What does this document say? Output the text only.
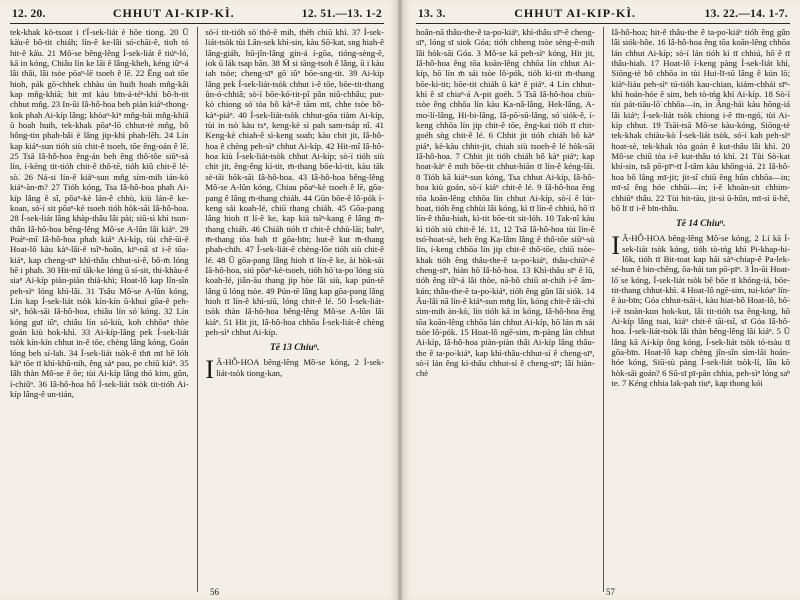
12. 20.	CHHUT AI-KIP-KÌ.	12. 51.—13. 1-2

tek-khak kò-tsoat i t'Í-sek-liát è hōe tiong. 20 Ū kà̍u-ê bô-tit chiáh; lín-ê ke-lâi só͘-chāi-ê, tio̍h tó hit-ê kà̍u. 21 Mô͘-se bêng-lêng Í-sek-liát ê tiúⁿ-ló, kā in kóng, Chiâu lín ke lāi ê lâng-kheh, kéng iûⁿ-á lâi thâi, lâi tsòe pōaⁿ-lē tsoeh ê lē. 22 Ēng oa̍t tōe hioh, pák gō͘-chhek chhàu ún huih hoah mn̂g-kâi kap mn̂g-khiā; hit mī kàu bīn-á-téⁿ-khì bô-h-tit chhut mn̂g. 23 In-ūi Iâ-hô-hoa beh piàn kiáⁿ-thong-kok phah Ai-kíp lâng; khòaⁿ-kìⁿ mn̂g-bái mn̂g-khiā ū hoah huih, tek-khak pōaⁿ-lō chhut-tè mn̂g, bô hông-tin phah-bâi è lâng jip-khì phah-lēh. 24 Lín kap kiáⁿ-sun tióh siù chit-ê tsoeh, tōe êng-oán ê lē. 25 Tsā Iâ-hô-hoa êng-án beh êng thô͘-tôe siūⁿ-sà lín, í-kèng tit-tióh chit-ê thô͘-tē, tióh kiû chit-ê lé-sò͘. 26 Ná-si lín-ê kiáⁿ-sun mn̂g sím-mih ián-kò͘ kiáⁿ-àn-m̄? 27 Tióh kóng, Tsa Iâ-hô-hoa phah Ai-kíp lâng ê sî, pōaⁿ-kè lán-ê chhù, kiù lán-ê ke-koan, só͘-í sit pōaⁿ-kè tsoeh tióh hòk-sāi Iâ-hô-hoa. 28 Í-sek-liát lâng khàp-thâu lâi pài; siū-sì khì tsun-thân Iâ-hô-hoa bêng-lêng Mô͘-se A-lûn lâi kiáⁿ. 29 Poáⁿ-mî Iâ-hô-hoa phah kiáⁿ Ai-kíp, tùi chē-ūi-ê Hoat-lô kàu kàⁿ-lâi-ê tsîⁿ-hoân, kiⁿ-nâ sī i-ê tōa-kiáⁿ, kap cheng-sīⁿ khì-thâu chhut-sí-ê, bô-m̄ lóng hē i phah. 30 Hit-mî tāk-ke lóng ū sí-sit, thi-khàu-ê siaⁿ Ai-kíp piàn-piàn thià-khì; Hoat-lô kap lîn-sîn peh-sìⁿ lóng khì-lâi. 31 Tsâu Mô͘-se A-lûn kóng, Lín kap Í-sek-liát tsòk kín-kín ū-khui gōa-ê peh-sìⁿ, hók-sāi Iâ-hô-hoa, chiâu lín só͘ kóng. 32 Lín kóng guī iûⁿ, chiâu lín só͘-kiù, koh chhōaⁿ thòe goán kiù hok-khì. 33 Ai-kíp-lâng pek Í-sek-liát tsòk kín-kín chhut in-ê tōe, chèng lâng kóng, Goán lóng beh sí-lah. 34 Í-sek-liát tsòk-ê thn̄ mī bē lóh kàⁿ tōe tī khì-khû-nih, êng sàⁿ pau, pe chiū kiáⁿ. 35 Iâh thàn Mô͘-se ê ōe; tùi Ai-kíp lâng thó kim, gûn, í-chiûⁿ. 36 Iâ-hô-hoa hō͘ Í-sek-liát tsòk tit-tióh Ai-kíp lâng-ê un-tián,

só͘-í tit-tióh só͘ thó-ê mih, thèh chiū khì. 37 Í-sek-liát-tsòk tùi Lân-sek khì-sin, kàu Sō͘-kat, sng hiah-ê lâng-giáh, hū-jîn-lâng gín-á í-gōa, tióng-sèng-ê, iok ū lák tsap bān. 38 M̄ si tāng-tsoh ê lâng, ū i kàu iah tsòe; cheng-sīⁿ gō͘ iûⁿ bōe-sng-tit. 39 Ai-kíp lâng pek Í-sek-liát-tsòk chhut i-ê tōe, bōe-tit-thang ûn-ó-chhiâ; sò͘-í bōe-kó͘-tit-pî pân niû-chhâu; put-kò chiong só͘ tòa bô kàⁿ-ê tām mī, chhe tsòe bô-kàⁿ-piáⁿ. 40 Í-sek-liát-tsòk chhut-gōa tiàm Ai-kíp, tùi in tsò͘ kàu tsⁿ, keng-kè sì pah sam-tsáp nî. 41 Keng-kè chiah-ê sì-keng soah; kàu chit jit, Iâ-hô-hoa ê chèng peh-sìⁿ chhut Ai-kíp. 42 Hit-mî Iâ-hô-hoa kiù Í-sek-liát-tsòk chhut Ai-kíp; sò͘-í tióh siù chit jit, êng-êng kì-tit, m̄-thang bōe-kì-tit, kàu tāk sè-tāi hōk-sāi Iâ-hô-hoa. 43 Iâ-hô-hoa bêng-lêng Mô͘-se A-lûn kóng, Chiau pōaⁿ-kè tsoeh ê lē, gōa-pang ê lâng m̄-thang chiáh. 44 Gūn bōe-ê lô͘-pók í-keng sái koah-lé, chiū thang chiáh. 45 Gōa-pang lâng hioh tī lí-ê ke, kap kià tsìⁿ-kang ê lâng m̄-thang chiáh. 46 Chiáh tióh tī chit-ê chhù-lāi; bahⁿ, m̄-thang tòa bah tī gōa-bīn; hut-ê kut m̄-thang phah-chih. 47 Í-sek-liát-ê chèng-lōe tióh siù chit-ê lé. 48 Ū gōa-pang lâng hioh tī lín-ê ke, ài hòk-sāi Iâ-hô-hoa, siú pōaⁿ-kè-tsoeh, tióh hō͘ ta-po͘ lóng siù koah-lé, jiân-āu thang jip hòe lâi siù, kap pún-tē lâng ū lóng tsòe. 49 Pún-tē lâng kap gōa-pang lâng hioh tī lín-ê khì-siū, lóng chit-ê lé. 50 Í-sek-liát-tsòk thàn Iâ-hô-hoa bêng-lêng Mô͘-se A-lûn lâi kiáⁿ. 51 Hit jit, Iâ-hô-hoa chhōa Í-sek-liát-ê chèng peh-sìⁿ chhut Ai-kíp.

Tē 13 Chiuⁿ.
I Â-HÔ-HOA bêng-lêng Mô͘-se kóng, 2 Í-sek-liát-tsòk tiong-kan,
13. 3.	CHHUT AI-KIP-KÌ.	13. 22.—14. 1-7.

hoân-nā thâu-the-ê ta-po͘-kiáⁿ, khì-thâu sīⁿ-ê cheng-sīⁿ, lóng sī siok Góa; tióh chheng tsòe sèng-ê-mih lâi hòk-sāi Góa. 3 Mô͘-se kā peh-sìⁿ kóng, Hit jit, Iâ-hô-hoa êng tōa koān-lêng chhōa lín chhut Ai-kíp, hō͘ lín m̄ sái tsòe lô͘-pók, tióh kì-tit m̄-thang bōe-kì-tit; bōe-tit chiáh ū kàⁿ ê piáⁿ. 4 Lín chhut-khì ê sī chiaⁿ-á A-pit goéh. 5 Tsā Iâ-hô-hoa chiù-tsòe êng chhōa lín kàu Ka-nâ-lâng, Hek-lâng, A-mo͘-lí-lâng, Hi-bi-lâng, Iâ-pō͘-sū-lâng, só͘ siók-ê, í-keng chhōa lín jip chit-ê tōe, êng-kai tióh tī chit-goéh sǹg chit-ê lé. 6 Chhit jit tióh chiáh bô kàⁿ piáⁿ, kè-kàu chhit-jit, chiah siù tsoeh-ê lé hòk-sāi Iâ-hô-hoa. 7 Chhit jit tióh chiáh bô kàⁿ piáⁿ; kap hoat-kàⁿ ê mih bōe-tit chhut-hiān tī lín-ê kéng-lāi. 8 Tióh kā kiáⁿ-sun kóng, Tsa chhut Ai-kíp, Iâ-hô-hoa kiù goán, sò͘-í kiáⁿ chit-ê lé. 9 Iâ-hô-hoa êng tōa koān-lêng chhōa lín chhut Ai-kíp, sò͘-í ē lút-hoat, tióh êng chhùi lâi kóng, kì tī lín-ê chhiú, hō͘ tī lín-ê thâu-hiah, kì-tit bōe-tit sit-lóh. 10 Tak-nî kàu kì tióh siù chit-ê lé. 11, 12 Tsā Iâ-hô-hoa tùi lín-ê tsó͘-hoat-sè, beh êng Ka-lâm lâng ê thô͘-tōe siūⁿ-sù lín, í-keng chhōa lín jip chit-ê thô͘-tōe, chiū tsòe-khak tióh êng thâu-the-ê ta-po͘-kiáⁿ, thâu-chiūⁿ-ê cheng-sīⁿ, hiàn hō͘ Iâ-hô-hoa. 13 Khì-thâu sīⁿ ê lû, tióh êng iûⁿ-á lâi thòe, nā-bô chiū at-chih i-ê âm-kún; thâu-the-ê ta-po͘-kiáⁿ, tióh êng gûn lâi siók. 14 Āu-lâi nā lín-ê kiáⁿ-sun mn̄g lín, kóng chit-ê tāi-chì sim-mih àn-kò͘, lín tióh kā in kóng, Iâ-hô-hoa êng tōa koān-lêng chhōa lán chhut Ai-kíp, hō͘ lán m̄ sái tsòe lô͘-pók. 15 Hoat-lô ngē-sim, m̄-pàng lán chhut Ai-kíp, Iâ-hô-hoa piàn-piàn thâi Ai-kíp lâng thâu-the ê ta-po͘-kiáⁿ, kap khì-thâu-chhut-sí ê cheng-sīⁿ, sò͘-í lán êng kì-thâu chhut-sí ê cheng-sīⁿ; lâi hiàn-chè

Iâ-hô-hoa; hit-ê thâu-the ê ta-po͘-kiáⁿ tióh êng gûn lâi siók-hôe. 16 Iâ-hô-hoa êng tōa koān-lêng chhōa lán chhut Ai-kíp; sò͘-í lán tióh kì tī chhiú, hō͘ ê tī thâu-hiah. 17 Hoat-lô í-keng pàng Í-sek-liát khì, Siōng-tè bô chhōa in tùi Hui-lī-sū lâng ê kún lō͘; kiàⁿ-liáu peh-sìⁿ tú-tióh kau-chian, kiám-chhái sīⁿ-khì hoán-hóe ê sim, beh tò-tńg khì Ai-kíp. 18 Sò͘-í tùi pát-tiāu-lō͘ chhōa—in, ìn Âng-hái kàu hōng-iá lâi kiáⁿ; Í-sek-liát tsòk chiong i-ê tīn-ngó͘, tùi Ai-kíp chhut. 19 Tsāi-tsā Mô͘-se kàu-kóng, Siōng-tè tek-khak chiàu-kò͘ Í-sek-liát tsòk, só͘-í kah peh-sìⁿ hoat-sè, tek-khak tòa goán ê kut-thâu lâi khì. 20 Mô͘-se chiū tòa i-ê kut-thâu tó khì. 21 Tùi Sò͘-kat khí-sin, tsâ pō͘-pīⁿ-tī Í-tâm kàu khōng-iá. 21 Iâ-hô-hoa bô lâng mī-jit; jit-sî chiū êng hûn chhōa—in; mī-sî êng hóe chhūi—in; í-ê khoàn-sit chhim-chhiūⁿ thâu. 22 Tùi hit-tāu, jit-sì ū-hûn, mī-sì ū-hē, bō lī tī i-ê bīn-thâu.

Tē 14 Chiuⁿ.
I Â-HÔ-HOA bêng-lêng Mô͘-se kóng, 2 Lí kā Í-sek-liát tsòk kóng, tióh tò-tńg khì Pi-khap-hi-lôk, tióh tī Bit-toat kap hái sàⁿ-chiap-ê Pa-lek-sé-hun ê bin-chêng, ōa-hái tan pō͘-pīⁿ. 3 Ìn-ūi Hoat-lō͘ se kóng, Í-sek-liát tsòk bē bōe tī khóng-iá, bōe-tit-thang chhut-khì. 4 Hoat-lô ngē-sim, tui-kóaⁿ lín-ê àu-bīn; Góa chhut-tsāi-i, kàu hiat-bô Hoat-lô, bô͘-i-ê tsoàn-kun hok-kut, lâi tit-tióh tsa êng-kng, hō͘ Ai-kíp lâng tsai, kiáⁿ chit-ê tāi-tsî, sī Góa Iâ-hô-hoa. Í-sek-liát-tsòk lâi thàn bêng-lêng lâi kiáⁿ. 5 Ū lâng kā Ai-kíp ông kóng, Í-sek-liát tsòk tó-tsàu tī gōa-bīn. Hoat-lô kap chèng jîn-sîn sìm-lāi hoán-hóe kóng, Siū͘-sù pàng Í-sek-liát tsòk-lí, lâu kō͘ hòk-sāi goán? 6 Sū-sī pī-pān chhia, peh-sìⁿ lóng sa̍ⁿ te. 7 Kéng chhia lak-pah tiuⁿ, kap thong kói
56	57
